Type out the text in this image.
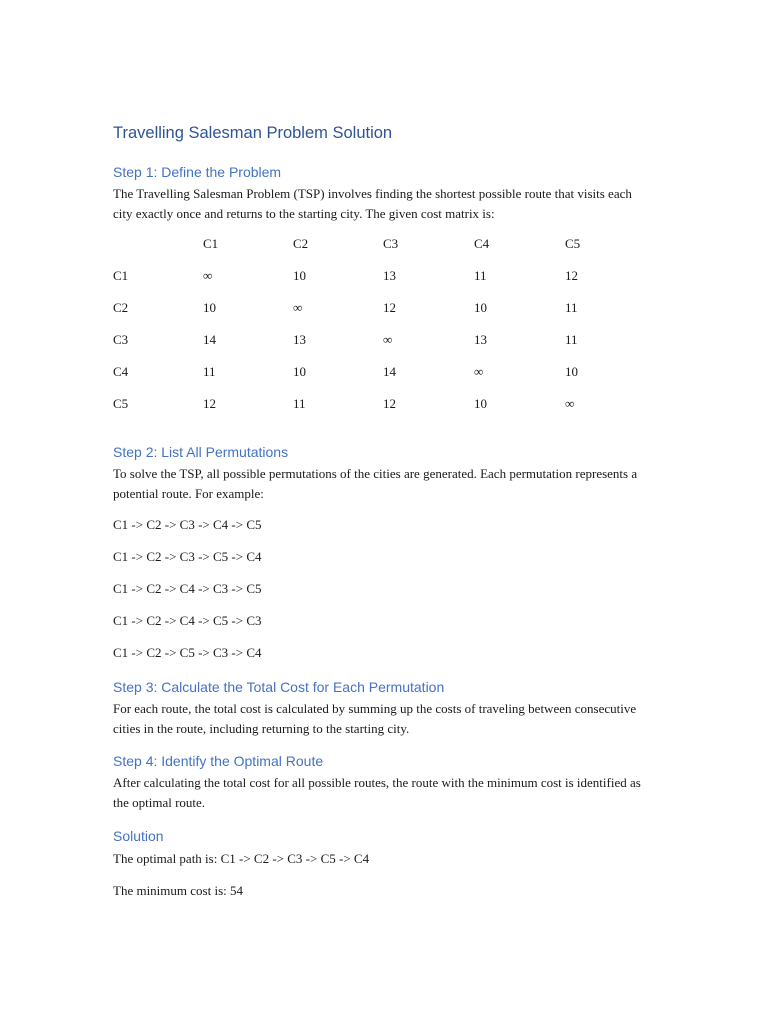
Travelling Salesman Problem Solution
Step 1: Define the Problem

The Travelling Salesman Problem (TSP) involves finding the shortest possible route that visits each city exactly once and returns to the starting city. The given cost matrix is:

	C1	C2	C3	C4	C5
C1	∞	10	13	11	12
C2	10	∞	12	10	11
C3	14	13	∞	13	11
C4	11	10	14	∞	10
C5	12	11	12	10	∞
Step 2: List All Permutations

To solve the TSP, all possible permutations of the cities are generated. Each permutation represents a potential route. For example:

C1 -> C2 -> C3 -> C4 -> C5

C1 -> C2 -> C3 -> C5 -> C4

C1 -> C2 -> C4 -> C3 -> C5

C1 -> C2 -> C4 -> C5 -> C3

C1 -> C2 -> C5 -> C3 -> C4

Step 3: Calculate the Total Cost for Each Permutation

For each route, the total cost is calculated by summing up the costs of traveling between consecutive cities in the route, including returning to the starting city.

Step 4: Identify the Optimal Route

After calculating the total cost for all possible routes, the route with the minimum cost is identified as the optimal route.

Solution

The optimal path is: C1 -> C2 -> C3 -> C5 -> C4

The minimum cost is: 54
